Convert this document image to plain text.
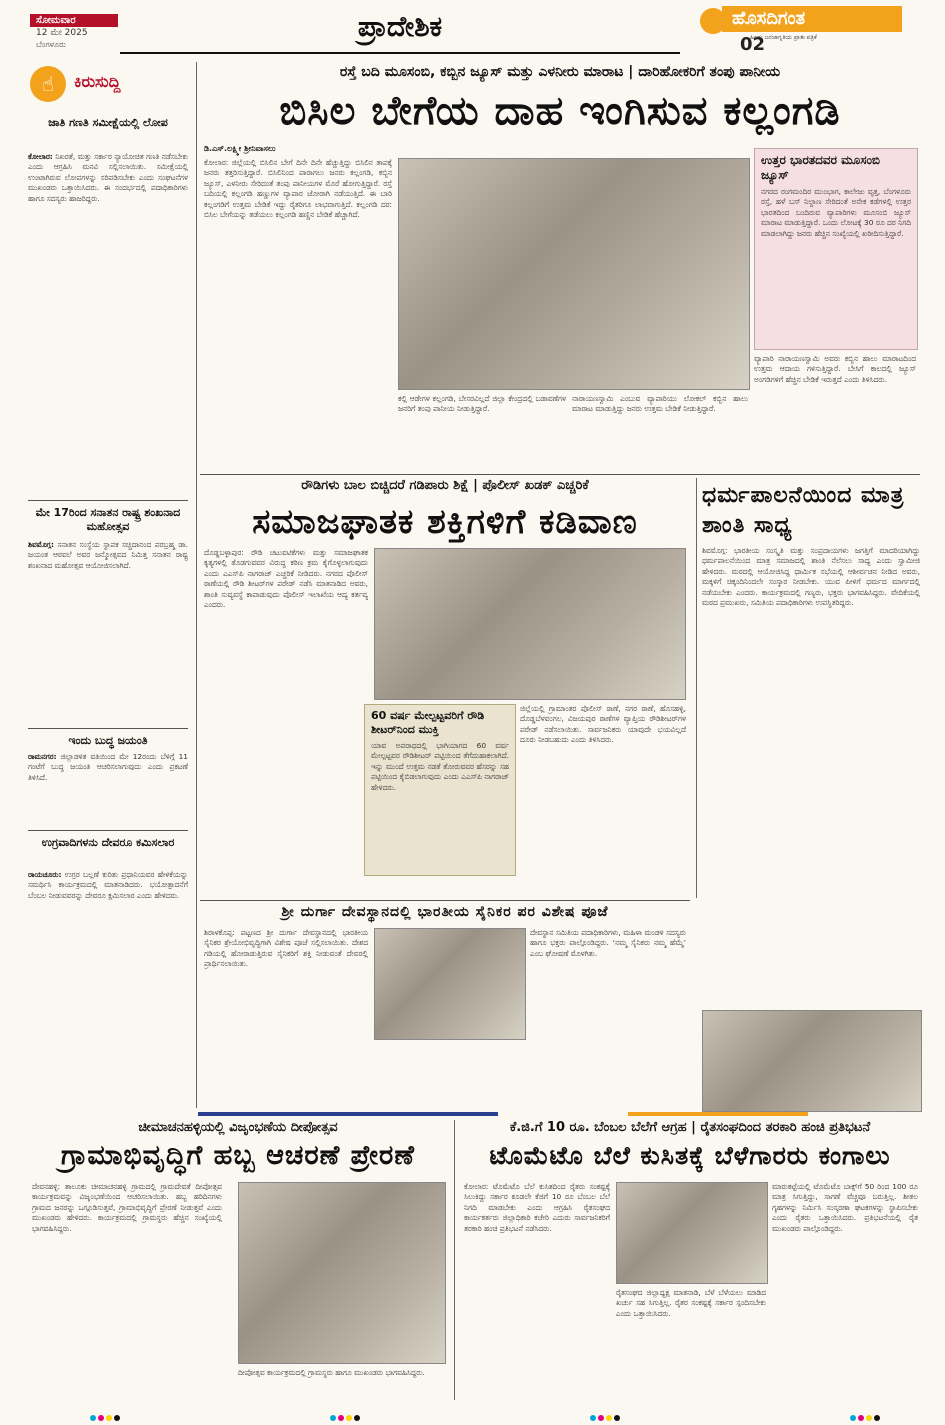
ಸೋಮವಾರ
12 ಮೇ 2025
ಬೆಂಗಳೂರು
ಪ್ರಾದೇಶಿಕ	ಹೊಸದಿಗಂತ
ಹಿಂದು ಜನಜಾಗೃತಿಯ ಪ್ರಾತಃ ಪತ್ರಿಕೆ
02
☝	ಕಿರುಸುದ್ದಿ
ಜಾತಿ ಗಣತಿ ಸಮೀಕ್ಷೆಯಲ್ಲಿ ಲೋಪ
ಕೋಲಾರ: ನಿಖರತೆ, ಮತ್ತು ಸರ್ಕಾರ ನ್ಯಾಯೋಚಿತ ಗಣತಿ ನಡೆಸಬೇಕು ಎಂದು ಆಗ್ರಹಿಸಿ ಮನವಿ ಸಲ್ಲಿಸಲಾಯಿತು. ಸಮೀಕ್ಷೆಯಲ್ಲಿ ಉಂಟಾಗಿರುವ ಲೋಪಗಳನ್ನು ಸರಿಪಡಿಸಬೇಕು ಎಂದು ಸಂಘಟನೆಗಳ ಮುಖಂಡರು ಒತ್ತಾಯಿಸಿದರು. ಈ ಸಂದರ್ಭದಲ್ಲಿ ಪದಾಧಿಕಾರಿಗಳು ಹಾಗೂ ಸದಸ್ಯರು ಹಾಜರಿದ್ದರು.
ಮೇ 17ರಿಂದ ಸನಾತನ ರಾಷ್ಟ್ರ ಶಂಖನಾದ ಮಹೋತ್ಸವ
ಶಿವಮೊಗ್ಗ: ಸನಾತನ ಸಂಸ್ಥೆಯ ಸ್ಥಾಪಕ ಸಚ್ಚಿದಾನಂದ ಪರಬ್ರಹ್ಮ ಡಾ. ಜಯಂತ ಆಠವಲೆ ಅವರ ಜನ್ಮೋತ್ಸವದ ನಿಮಿತ್ತ ಸನಾತನ ರಾಷ್ಟ್ರ ಶಂಖನಾದ ಮಹೋತ್ಸವ ಆಯೋಜಿಸಲಾಗಿದೆ.
ಇಂದು ಬುದ್ಧ ಜಯಂತಿ
ರಾಮನಗರ: ಜಿಲ್ಲಾಡಳಿತ ವತಿಯಿಂದ ಮೇ 12ರಂದು ಬೆಳಿಗ್ಗೆ 11 ಗಂಟೆಗೆ ಬುದ್ಧ ಜಯಂತಿ ಆಚರಿಸಲಾಗುವುದು ಎಂದು ಪ್ರಕಟಣೆ ತಿಳಿಸಿದೆ.
ಉಗ್ರವಾದಿಗಳನು ದೇವರೂ ಕಮಿಸಲಾರ
ರಾಯಚೂರು: ಉಗ್ರರ ಬಲ್ಲಣೆ ಕುರಿತು ಪ್ರಧಾನಿಯವರ ಹೇಳಿಕೆಯನ್ನು ಸಮರ್ಥಿಸಿ ಕಾರ್ಯಕ್ರಮದಲ್ಲಿ ಮಾತನಾಡಿದರು. ಭಯೋತ್ಪಾದನೆಗೆ ಬೆಂಬಲ ನೀಡುವವರನ್ನು ದೇವರೂ ಕ್ಷಮಿಸಲಾರ ಎಂದು ಹೇಳಿದರು.
ರಸ್ತೆ ಬದಿ ಮೂಸಂಬಿ, ಕಬ್ಬಿನ ಜ್ಯೂಸ್ ಮತ್ತು ಎಳನೀರು ಮಾರಾಟ | ದಾರಿಹೋಕರಿಗೆ ತಂಪು ಪಾನೀಯ
ಬಿಸಿಲ ಬೇಗೆಯ ದಾಹ ಇಂಗಿಸುವ ಕಲ್ಲಂಗಡಿ
ಡಿ.ಎಸ್.ಲಕ್ಷ್ಮೀ ಶ್ರೀನಿವಾಸಲು
ಕೋಲಾರ: ಜಿಲ್ಲೆಯಲ್ಲಿ ಬಿಸಿಲಿನ ಬೇಗೆ ದಿನೇ ದಿನೇ ಹೆಚ್ಚುತ್ತಿದ್ದು ಬಿಸಿಲಿನ ತಾಪಕ್ಕೆ ಜನರು ತತ್ತರಿಸುತ್ತಿದ್ದಾರೆ. ಬಿಸಿಲಿನಿಂದ ಪಾರಾಗಲು ಜನರು ಕಲ್ಲಂಗಡಿ, ಕಬ್ಬಿನ ಜ್ಯೂಸ್, ಎಳನೀರು ಸೇರಿದಂತೆ ತಂಪು ಪಾನೀಯಗಳ ಮೊರೆ ಹೋಗುತ್ತಿದ್ದಾರೆ. ರಸ್ತೆ ಬದಿಯಲ್ಲಿ ಕಲ್ಲಂಗಡಿ ಹಣ್ಣುಗಳ ವ್ಯಾಪಾರ ಜೋರಾಗಿ ನಡೆಯುತ್ತಿದೆ. ಈ ಬಾರಿ ಕಲ್ಲಂಗಡಿಗೆ ಉತ್ತಮ ಬೇಡಿಕೆ ಇದ್ದು ರೈತರಿಗೂ ಲಾಭವಾಗುತ್ತಿದೆ. ಕಲ್ಲಂಗಡಿ ದರ: ಬಿಸಿಲ ಬೇಗೆಯನ್ನು ತಡೆಯಲು ಕಲ್ಲಂಗಡಿ ಹಣ್ಣಿನ ಬೇಡಿಕೆ ಹೆಚ್ಚಾಗಿದೆ.
ಕಲ್ಲಿ ಆಡೇಗಳ ಕಲ್ಲಂಗಡಿ, ಬೇಸರವಿಲ್ಲದೆ ಜಿಲ್ಲಾ ಕೇಂದ್ರದಲ್ಲಿ ಬಡಾವಣೆಗಳ ಜನರಿಗೆ ತಂಪು ಪಾನೀಯ ನೀಡುತ್ತಿದ್ದಾರೆ.
ನಾರಾಯಣಸ್ವಾಮಿ ಎಂಬುವ ವ್ಯಾಪಾರಿಯು ಲೋಕಲ್ ಕಬ್ಬಿನ ಹಾಲು ಮಾರಾಟ ಮಾಡುತ್ತಿದ್ದು ಜನರು ಉತ್ತಮ ಬೇಡಿಕೆ ನೀಡುತ್ತಿದ್ದಾರೆ.
ಉತ್ತರ ಭಾರತದವರ ಮೂಸಂಬಿ ಜ್ಯೂಸ್
ನಗರದ ರಂಗಮಂದಿರ ಮುಂಭಾಗ, ಕಾಲೇಜು ವೃತ್ತ, ಬೆಂಗಳೂರು ರಸ್ತೆ, ಹಳೆ ಬಸ್ ನಿಲ್ದಾಣ ಸೇರಿದಂತೆ ಅನೇಕ ಕಡೆಗಳಲ್ಲಿ ಉತ್ತರ ಭಾರತದಿಂದ ಬಂದಿರುವ ವ್ಯಾಪಾರಿಗಳು ಮೂಸಂಬಿ ಜ್ಯೂಸ್ ಮಾರಾಟ ಮಾಡುತ್ತಿದ್ದಾರೆ. ಒಂದು ಲೋಟಕ್ಕೆ 30 ರೂ ದರ ನಿಗದಿ ಮಾಡಲಾಗಿದ್ದು ಜನರು ಹೆಚ್ಚಿನ ಸಂಖ್ಯೆಯಲ್ಲಿ ಖರೀದಿಸುತ್ತಿದ್ದಾರೆ.
ವ್ಯಾಪಾರಿ ನಾರಾಯಣಸ್ವಾಮಿ ಅವರು ಕಬ್ಬಿನ ಹಾಲು ಮಾರಾಟದಿಂದ ಉತ್ತಮ ಆದಾಯ ಗಳಿಸುತ್ತಿದ್ದಾರೆ. ಬೇಸಿಗೆ ಕಾಲದಲ್ಲಿ ಜ್ಯೂಸ್ ಅಂಗಡಿಗಳಿಗೆ ಹೆಚ್ಚಿನ ಬೇಡಿಕೆ ಇರುತ್ತದೆ ಎಂದು ತಿಳಿಸಿದರು.
ರೌಡಿಗಳು ಬಾಲ ಬಿಚ್ಚಿದರೆ ಗಡಿಪಾರು ಶಿಕ್ಷೆ | ಪೊಲೀಸ್ ಖಡಕ್ ಎಚ್ಚರಿಕೆ
ಸಮಾಜಘಾತಕ ಶಕ್ತಿಗಳಿಗೆ ಕಡಿವಾಣ
ದೊಡ್ಡಬಳ್ಳಾಪುರ: ರೌಡಿ ಚಟುವಟಿಕೆಗಳು ಮತ್ತು ಸಮಾಜಘಾತಕ ಕೃತ್ಯಗಳಲ್ಲಿ ತೊಡಗುವವರ ವಿರುದ್ಧ ಕಠಿಣ ಕ್ರಮ ಕೈಗೊಳ್ಳಲಾಗುವುದು ಎಂದು ಎಎಸ್‌ಪಿ ನಾಗರಾಜ್ ಎಚ್ಚರಿಕೆ ನೀಡಿದರು. ನಗರದ ಪೊಲೀಸ್ ಠಾಣೆಯಲ್ಲಿ ರೌಡಿ ಶೀಟರ್‌ಗಳ ಪರೇಡ್ ನಡೆಸಿ ಮಾತನಾಡಿದ ಅವರು, ಶಾಂತಿ ಸುವ್ಯವಸ್ಥೆ ಕಾಪಾಡುವುದು ಪೊಲೀಸ್ ಇಲಾಖೆಯ ಆದ್ಯ ಕರ್ತವ್ಯ ಎಂದರು.
60 ವರ್ಷ ಮೇಲ್ಪಟ್ಟವರಿಗೆ ರೌಡಿ ಶೀಟರ್‌ನಿಂದ ಮುಕ್ತಿ
ಯಾವ ಅಪರಾಧದಲ್ಲಿ ಭಾಗಿಯಾಗದ 60 ವರ್ಷ ಮೇಲ್ಪಟ್ಟವರ ರೌಡಿಶೀಟರ್ ಪಟ್ಟಿಯಿಂದ ತೆಗೆದುಹಾಕಲಾಗಿದೆ. ಇನ್ನು ಮುಂದೆ ಉತ್ತಮ ನಡತೆ ತೋರುವವರ ಹೆಸರನ್ನು ಸಹ ಪಟ್ಟಿಯಿಂದ ಕೈಬಿಡಲಾಗುವುದು ಎಂದು ಎಎಸ್‌ಪಿ ನಾಗರಾಜ್ ಹೇಳಿದರು.
ಜಿಲ್ಲೆಯಲ್ಲಿ ಗ್ರಾಮಾಂತರ ಪೊಲೀಸ್ ಠಾಣೆ, ನಗರ ಠಾಣೆ, ಹೊಸಹಳ್ಳಿ, ದೊಡ್ಡಬೆಳವಂಗಲ, ವಿಜಯಪುರ ಠಾಣೆಗಳ ವ್ಯಾಪ್ತಿಯ ರೌಡಿಶೀಟರ್‌ಗಳ ಪರೇಡ್ ನಡೆಸಲಾಯಿತು. ಸಾರ್ವಜನಿಕರು ಯಾವುದೇ ಭಯವಿಲ್ಲದೆ ದೂರು ನೀಡಬಹುದು ಎಂದು ತಿಳಿಸಿದರು.
ಧರ್ಮಪಾಲನೆಯಿಂದ ಮಾತ್ರ ಶಾಂತಿ ಸಾಧ್ಯ
ಶಿವಮೊಗ್ಗ: ಭಾರತೀಯ ಸಂಸ್ಕೃತಿ ಮತ್ತು ಸಂಪ್ರದಾಯಗಳು ಜಗತ್ತಿಗೆ ಮಾದರಿಯಾಗಿದ್ದು ಧರ್ಮಪಾಲನೆಯಿಂದ ಮಾತ್ರ ಸಮಾಜದಲ್ಲಿ ಶಾಂತಿ ನೆಲೆಸಲು ಸಾಧ್ಯ ಎಂದು ಸ್ವಾಮೀಜಿ ಹೇಳಿದರು. ಮಠದಲ್ಲಿ ಆಯೋಜಿಸಿದ್ದ ಧಾರ್ಮಿಕ ಸಭೆಯಲ್ಲಿ ಆಶೀರ್ವಚನ ನೀಡಿದ ಅವರು, ಮಕ್ಕಳಿಗೆ ಚಿಕ್ಕಂದಿನಿಂದಲೇ ಸಂಸ್ಕಾರ ನೀಡಬೇಕು. ಯುವ ಪೀಳಿಗೆ ಧರ್ಮದ ಮಾರ್ಗದಲ್ಲಿ ನಡೆಯಬೇಕು ಎಂದರು. ಕಾರ್ಯಕ್ರಮದಲ್ಲಿ ಗಣ್ಯರು, ಭಕ್ತರು ಭಾಗವಹಿಸಿದ್ದರು. ವೇದಿಕೆಯಲ್ಲಿ ಮಠದ ಪ್ರಮುಖರು, ಸಮಿತಿಯ ಪದಾಧಿಕಾರಿಗಳು ಉಪಸ್ಥಿತರಿದ್ದರು.
ಶ್ರೀ ದುರ್ಗಾ ದೇವಸ್ಥಾನದಲ್ಲಿ ಭಾರತೀಯ ಸೈನಿಕರ ಪರ ವಿಶೇಷ ಪೂಜೆ
ಶಿರಾಳಕೊಪ್ಪ: ಪಟ್ಟಣದ ಶ್ರೀ ದುರ್ಗಾ ದೇವಸ್ಥಾನದಲ್ಲಿ ಭಾರತೀಯ ಸೈನಿಕರ ಶ್ರೇಯೋಭಿವೃದ್ಧಿಗಾಗಿ ವಿಶೇಷ ಪೂಜೆ ಸಲ್ಲಿಸಲಾಯಿತು. ದೇಶದ ಗಡಿಯಲ್ಲಿ ಹೋರಾಡುತ್ತಿರುವ ಸೈನಿಕರಿಗೆ ಶಕ್ತಿ ನೀಡುವಂತೆ ದೇವರಲ್ಲಿ ಪ್ರಾರ್ಥಿಸಲಾಯಿತು.
ದೇವಸ್ಥಾನ ಸಮಿತಿಯ ಪದಾಧಿಕಾರಿಗಳು, ಮಹಿಳಾ ಮಂಡಳಿ ಸದಸ್ಯರು ಹಾಗೂ ಭಕ್ತರು ಪಾಲ್ಗೊಂಡಿದ್ದರು. ‘ನಮ್ಮ ಸೈನಿಕರು ನಮ್ಮ ಹೆಮ್ಮೆ’ ಎಂಬ ಘೋಷಣೆ ಮೊಳಗಿತು.
ಚೀಮಾಚನಹಳ್ಳಿಯಲ್ಲಿ ವಿಜೃಂಭಣೆಯ ದೀಪೋತ್ಸವ
ಗ್ರಾಮಾಭಿವೃದ್ಧಿಗೆ ಹಬ್ಬ ಆಚರಣೆ ಪ್ರೇರಣೆ
ದೇವನಹಳ್ಳಿ: ತಾಲೂಕು ಚೀಮಾಚನಹಳ್ಳಿ ಗ್ರಾಮದಲ್ಲಿ ಗ್ರಾಮದೇವತೆ ದೀಪೋತ್ಸವ ಕಾರ್ಯಕ್ರಮವನ್ನು ವಿಜೃಂಭಣೆಯಿಂದ ಆಚರಿಸಲಾಯಿತು. ಹಬ್ಬ ಹರಿದಿನಗಳು ಗ್ರಾಮದ ಜನರನ್ನು ಒಗ್ಗೂಡಿಸುತ್ತವೆ, ಗ್ರಾಮಾಭಿವೃದ್ಧಿಗೆ ಪ್ರೇರಣೆ ನೀಡುತ್ತವೆ ಎಂದು ಮುಖಂಡರು ಹೇಳಿದರು. ಕಾರ್ಯಕ್ರಮದಲ್ಲಿ ಗ್ರಾಮಸ್ಥರು ಹೆಚ್ಚಿನ ಸಂಖ್ಯೆಯಲ್ಲಿ ಭಾಗವಹಿಸಿದ್ದರು.
ದೀಪೋತ್ಸವ ಕಾರ್ಯಕ್ರಮದಲ್ಲಿ ಗ್ರಾಮಸ್ಥರು ಹಾಗೂ ಮುಖಂಡರು ಭಾಗವಹಿಸಿದ್ದರು.
ಕೆ.ಜಿ.ಗೆ 10 ರೂ. ಬೆಂಬಲ ಬೆಲೆಗೆ ಆಗ್ರಹ | ರೈತಸಂಘದಿಂದ ತರಕಾರಿ ಹಂಚಿ ಪ್ರತಿಭಟನೆ
ಟೊಮೆಟೊ ಬೆಲೆ ಕುಸಿತಕ್ಕೆ ಬೆಳೆಗಾರರು ಕಂಗಾಲು
ಕೋಲಾರ: ಟೊಮೆಟೊ ಬೆಲೆ ಕುಸಿತದಿಂದ ರೈತರು ಸಂಕಷ್ಟಕ್ಕೆ ಸಿಲುಕಿದ್ದು ಸರ್ಕಾರ ಕೂಡಲೇ ಕೆಜಿಗೆ 10 ರೂ ಬೆಂಬಲ ಬೆಲೆ ನಿಗದಿ ಮಾಡಬೇಕು ಎಂದು ಆಗ್ರಹಿಸಿ ರೈತಸಂಘದ ಕಾರ್ಯಕರ್ತರು ಜಿಲ್ಲಾಧಿಕಾರಿ ಕಚೇರಿ ಎದುರು ಸಾರ್ವಜನಿಕರಿಗೆ ತರಕಾರಿ ಹಂಚಿ ಪ್ರತಿಭಟನೆ ನಡೆಸಿದರು.
ರೈತಸಂಘದ ಜಿಲ್ಲಾಧ್ಯಕ್ಷ ಮಾತನಾಡಿ, ಬೆಳೆ ಬೆಳೆಯಲು ಮಾಡಿದ ಖರ್ಚು ಸಹ ಸಿಗುತ್ತಿಲ್ಲ. ರೈತರ ಸಂಕಷ್ಟಕ್ಕೆ ಸರ್ಕಾರ ಸ್ಪಂದಿಸಬೇಕು ಎಂದು ಒತ್ತಾಯಿಸಿದರು.
ಮಾರುಕಟ್ಟೆಯಲ್ಲಿ ಟೊಮೆಟೊ ಬಾಕ್ಸ್‌ಗೆ 50 ರಿಂದ 100 ರೂ ಮಾತ್ರ ಸಿಗುತ್ತಿದ್ದು, ಸಾಗಣೆ ವೆಚ್ಚವೂ ಬರುತ್ತಿಲ್ಲ. ಶೀತಲ ಗೃಹಗಳನ್ನು ನಿರ್ಮಿಸಿ ಸಂಸ್ಕರಣಾ ಘಟಕಗಳನ್ನು ಸ್ಥಾಪಿಸಬೇಕು ಎಂದು ರೈತರು ಒತ್ತಾಯಿಸಿದರು. ಪ್ರತಿಭಟನೆಯಲ್ಲಿ ರೈತ ಮುಖಂಡರು ಪಾಲ್ಗೊಂಡಿದ್ದರು.
